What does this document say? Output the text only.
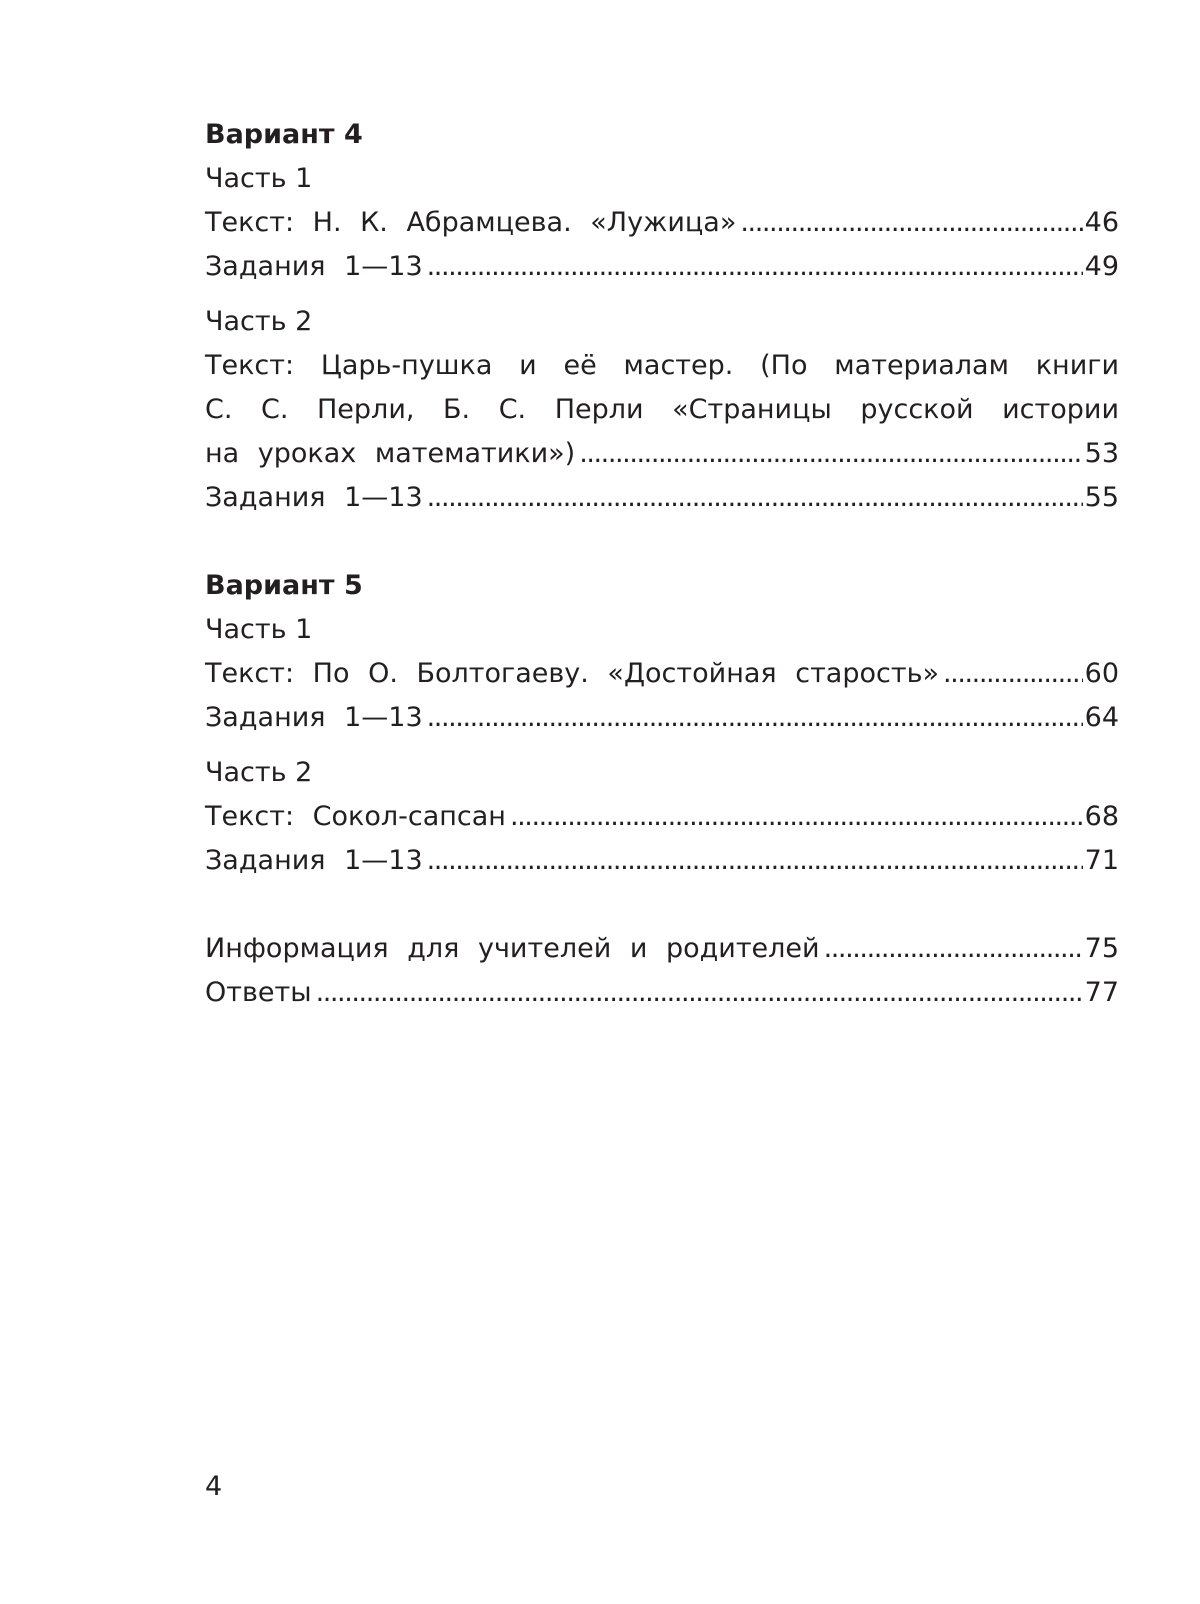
Вариант 4
Часть 1
Текст: Н. К. Абрамцева. «Лужица» . . .	46
Задания 1—13 . . .	49
Часть 2
Текст: Царь-пушка и её мастер. (По материалам книги
С. С. Перли, Б. С. Перли «Страницы русской истории
на уроках математики») . . .	53
Задания 1—13 . . .	55
Вариант 5
Часть 1
Текст: По О. Болтогаеву. «Достойная старость» . . .	60
Задания 1—13 . . .	64
Часть 2
Текст: Сокол-сапсан . . .	68
Задания 1—13 . . .	71
Информация для учителей и родителей . . .	75
Ответы . . .	77
4
